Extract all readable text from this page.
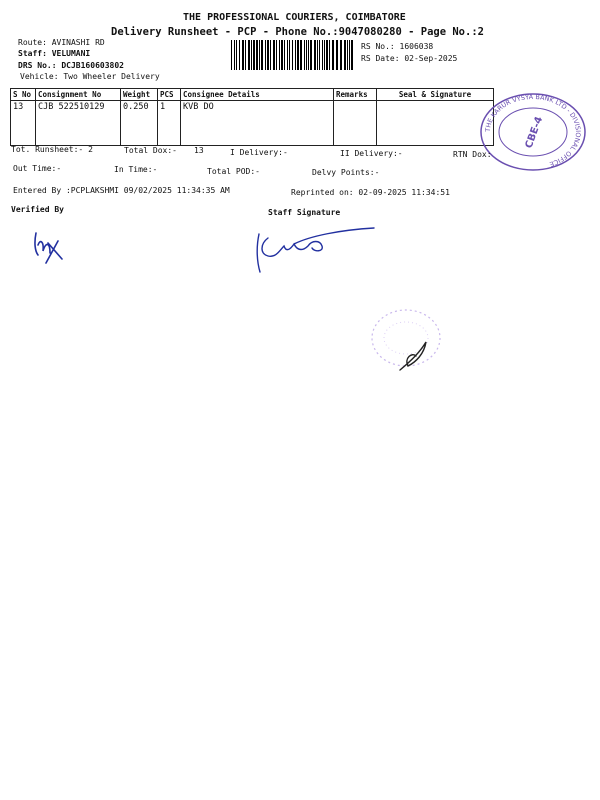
THE PROFESSIONAL COURIERS, COIMBATORE
Delivery Runsheet - PCP - Phone No.:9047080280 - Page No.:2
Route: AVINASHI RD
Staff: VELUMANI
DRS No.: DCJB160603802
Vehicle: Two Wheeler Delivery
RS No.: 1606038
RS Date: 02-Sep-2025
S No	Consignment No	Weight	PCS	Consignee Details	Remarks	Seal & Signature
13	CJB 522510129	0.250	1	KVB DO		
THE KARUR VYSYA BANK LTD - DIVISIONAL OFFICE
CBE-4
Tot. Runsheet:- 2	Total Dox:- 13	I Delivery:-	II Delivery:-	RTN Dox:
Out Time:-	In Time:-	Total POD:-	Delvy Points:-
Entered By :PCPLAKSHMI 09/02/2025 11:34:35 AM	Reprinted on: 02-09-2025 11:34:51
Verified By	Staff Signature
